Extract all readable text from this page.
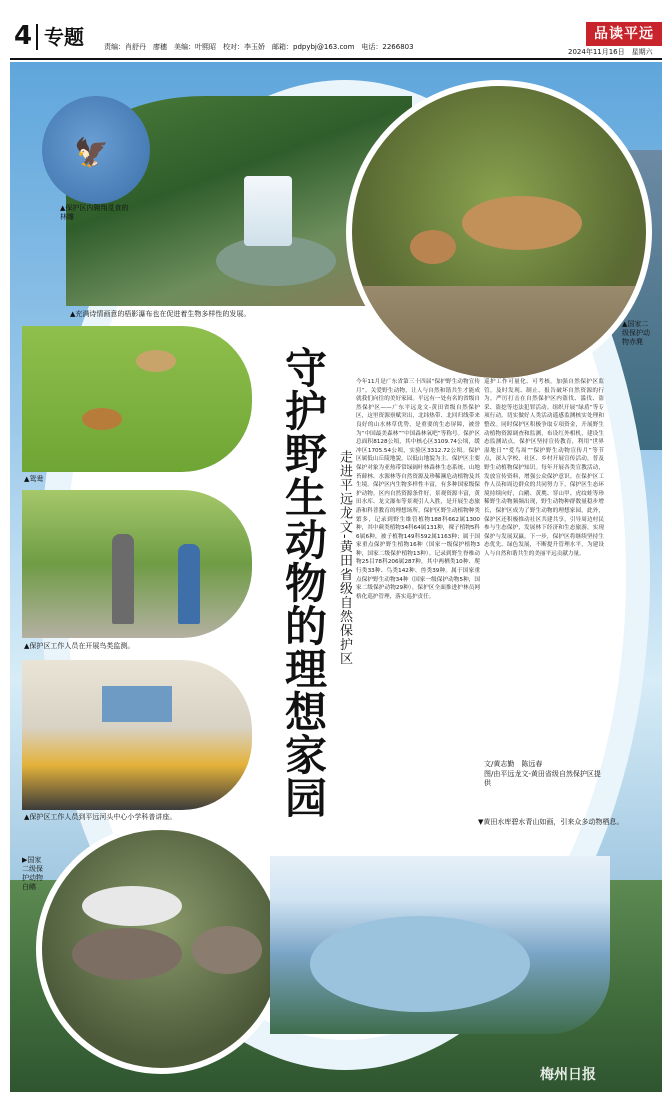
4 专题	责编：肖舒丹　廖穗　美编：叶熙昭　校对：李玉娇　邮箱：pdpybj@163.com　电话：2266803
品读平远
2024年11月16日　星期六
🦅
▲保护区内翱翔觅食的林雕
▲充满诗情画意的梧影瀑布也在促进着生物多样性的发展。
▲国家二级保护动物赤麂
▲鸳鸯
▲保护区工作人员在开展鸟类监测。
▲保护区工作人员到平远河头中心小学科普讲座。
▶国家二级保护动物白鹇
▼黄田水库碧水青山如画，引来众多动物栖息。
守护野生动物的理想家园 走进平远龙文-黄田省级自然保护区
今年11月是广东省第三十四届“保护野生动物宣传月”。关爱野生动物，让人与自然和谐共生才能成就我们向往的美好家园。平远有一处有名的省级自然保护区——广东平远龙文-黄田省级自然保护区，这里资源禀赋突出，北纬热带、北回归线带来良好的山水林草优势，是重要的生态屏障，被誉为“中国最美森林”“中国森林氧吧”等称号。保护区总面积8128公顷，其中核心区3109.74公顷，缓冲区1705.54公顷，实验区3312.72公顷。保护区属低山丘陵地貌，以低山地貌为主。保护区主要保护对象为亚热带常绿阔叶林森林生态系统、山地苔藓林、水源林等自然资源及珍稀濒危动植物及其生境。保护区内生物多样性丰富，有多种国家级保护动物。区内自然资源条件好，景观资源丰富，黄田水库、龙文瀑布等景观引人入胜，是开展生态旅游和科普教育的理想场所。保护区野生动植物种类繁多，记录到野生维管植物188科662属1300种，其中蕨类植物34科64属131种，裸子植物5科6属6种，被子植物149科592属1163种；属于国家重点保护野生植物16种（国家一级保护植物3种，国家二级保护植物13种）。记录到野生脊椎动物25目78科206属287种，其中两栖类10种、爬行类33种、鸟类142种、兽类39种。属于国家重点保护野生动物34种（国家一级保护动物5种，国家二级保护动物29种）。保护区全面推进护林员网格化巡护管理，落实巡护责任。
巡护工作可量化、可考核。加强自然保护区监管，及时发现、制止、报告破坏自然资源的行为。严厉打击在自然保护区内盗伐、滥伐、盗采、盗挖等违法犯罪活动。组织开展“绿盾”等专项行动，切实做好人类活动遥感监测核实处理和整改。同时保护区积极争取专项资金，开展野生动植物资源调查和监测，布设红外相机，建设生态监测站点。保护区坚持宣传教育，利用“世界湿地日”“爱鸟周”“保护野生动物宣传月”等节点，深入学校、社区、乡村开展宣传活动，普及野生动植物保护知识。每年开展各类宣教活动，发放宣传资料，增强公众保护意识。在保护区工作人员和周边群众的共同努力下，保护区生态环境持续向好，白鹇、黄麂、穿山甲、虎纹蛙等珍稀野生动物频频出现，野生动物种群数量稳步增长，保护区成为了野生动物的理想家园。此外，保护区还积极推动社区共建共享，引导周边村民参与生态保护，发展林下经济和生态旅游，实现保护与发展双赢。下一步，保护区将继续坚持生态优先、绿色发展，不断提升管理水平，为建设人与自然和谐共生的美丽平远贡献力量。
文/黄志勤　陈远春
图/由平远龙文-黄田省级自然保护区提供
梅州日报
